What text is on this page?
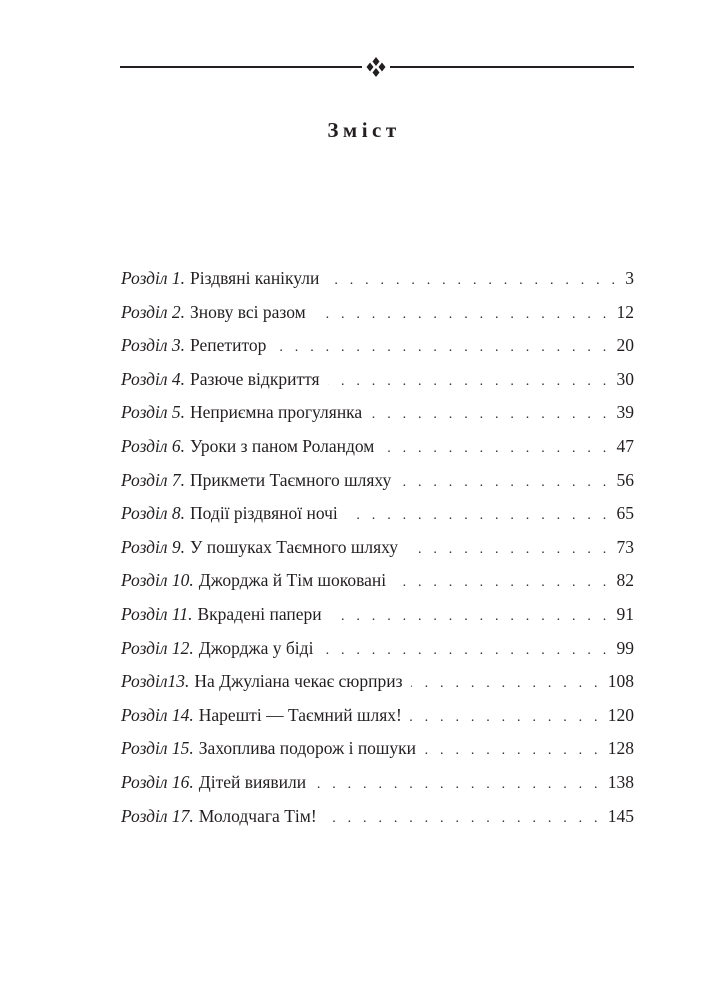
Зміст
Розділ 1. Різдвяні канікули . . .	3
Розділ 2. Знову всі разом . . .	12
Розділ 3. Репетитор . . .	20
Розділ 4. Разюче відкриття . . .	30
Розділ 5. Неприємна прогулянка . . .	39
Розділ 6. Уроки з паном Роландом . . .	47
Розділ 7. Прикмети Таємного шляху . . .	56
Розділ 8. Події різдвяної ночі . . .	65
Розділ 9. У пошуках Таємного шляху . . .	73
Розділ 10. Джорджа й Тім шоковані . . .	82
Розділ 11. Вкрадені папери . . .	91
Розділ 12. Джорджа у біді . . .	99
Розділ13. На Джуліана чекає сюрприз . . .	108
Розділ 14. Нарешті — Таємний шлях! . . .	120
Розділ 15. Захоплива подорож і пошуки . . .	128
Розділ 16. Дітей виявили . . .	138
Розділ 17. Молодчага Тім! . . .	145
